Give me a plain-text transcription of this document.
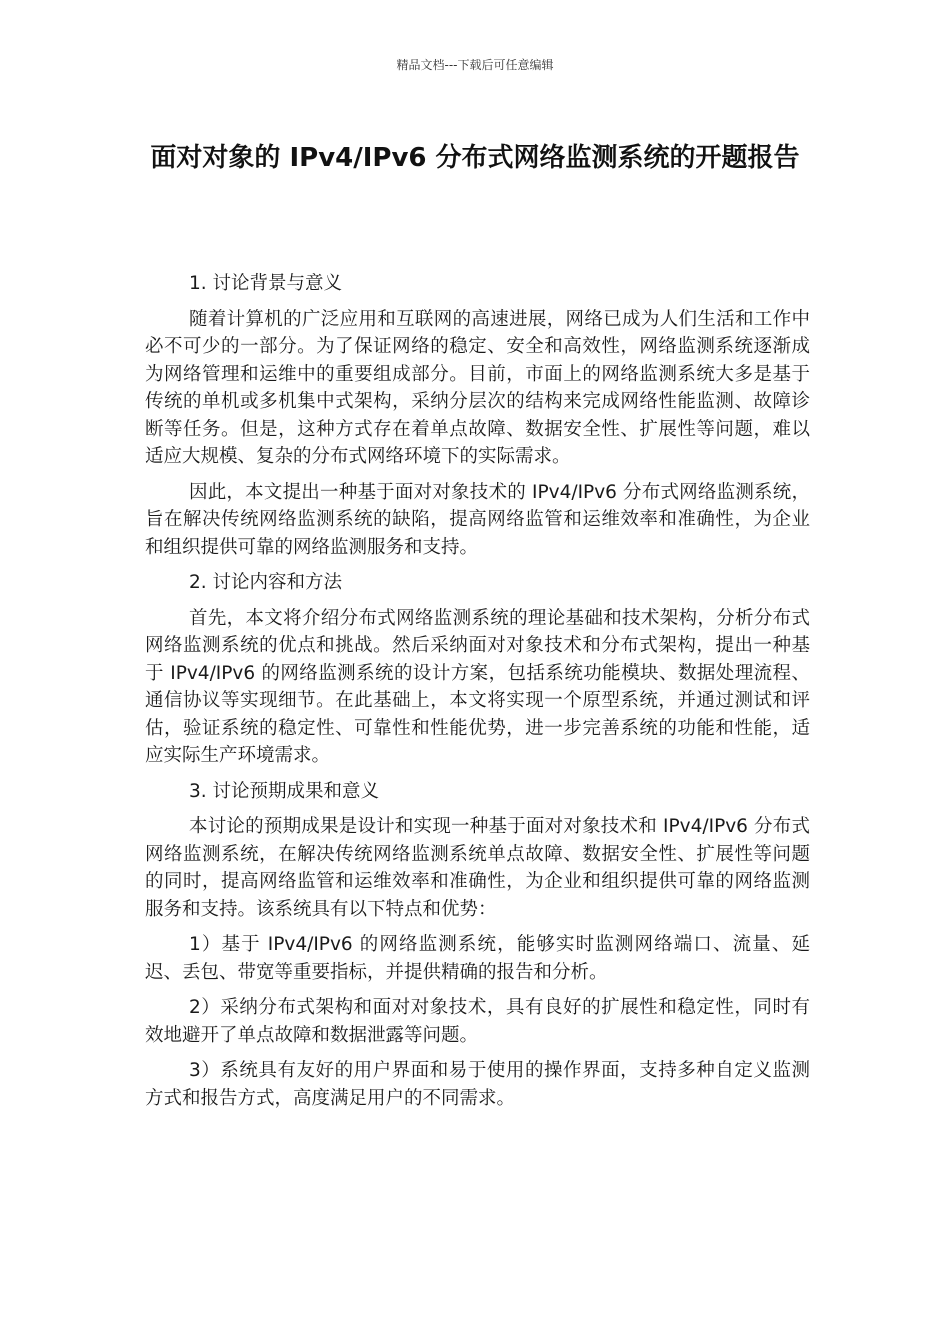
精品文档---下载后可任意编辑
面对对象的 IPv4/IPv6 分布式网络监测系统的开题报告

1. 讨论背景与意义

随着计算机的广泛应用和互联网的高速进展，网络已成为人们生活和工作中必不可少的一部分。为了保证网络的稳定、安全和高效性，网络监测系统逐渐成为网络管理和运维中的重要组成部分。目前，市面上的网络监测系统大多是基于传统的单机或多机集中式架构，采纳分层次的结构来完成网络性能监测、故障诊断等任务。但是，这种方式存在着单点故障、数据安全性、扩展性等问题，难以适应大规模、复杂的分布式网络环境下的实际需求。

因此，本文提出一种基于面对对象技术的 IPv4/IPv6 分布式网络监测系统，旨在解决传统网络监测系统的缺陷，提高网络监管和运维效率和准确性，为企业和组织提供可靠的网络监测服务和支持。

2. 讨论内容和方法

首先，本文将介绍分布式网络监测系统的理论基础和技术架构，分析分布式网络监测系统的优点和挑战。然后采纳面对对象技术和分布式架构，提出一种基于 IPv4/IPv6 的网络监测系统的设计方案，包括系统功能模块、数据处理流程、通信协议等实现细节。在此基础上，本文将实现一个原型系统，并通过测试和评估，验证系统的稳定性、可靠性和性能优势，进一步完善系统的功能和性能，适应实际生产环境需求。

3. 讨论预期成果和意义

本讨论的预期成果是设计和实现一种基于面对对象技术和 IPv4/IPv6 分布式网络监测系统，在解决传统网络监测系统单点故障、数据安全性、扩展性等问题的同时，提高网络监管和运维效率和准确性，为企业和组织提供可靠的网络监测服务和支持。该系统具有以下特点和优势：

1）基于 IPv4/IPv6 的网络监测系统，能够实时监测网络端口、流量、延迟、丢包、带宽等重要指标，并提供精确的报告和分析。

2）采纳分布式架构和面对对象技术，具有良好的扩展性和稳定性，同时有效地避开了单点故障和数据泄露等问题。

3）系统具有友好的用户界面和易于使用的操作界面，支持多种自定义监测方式和报告方式，高度满足用户的不同需求。
